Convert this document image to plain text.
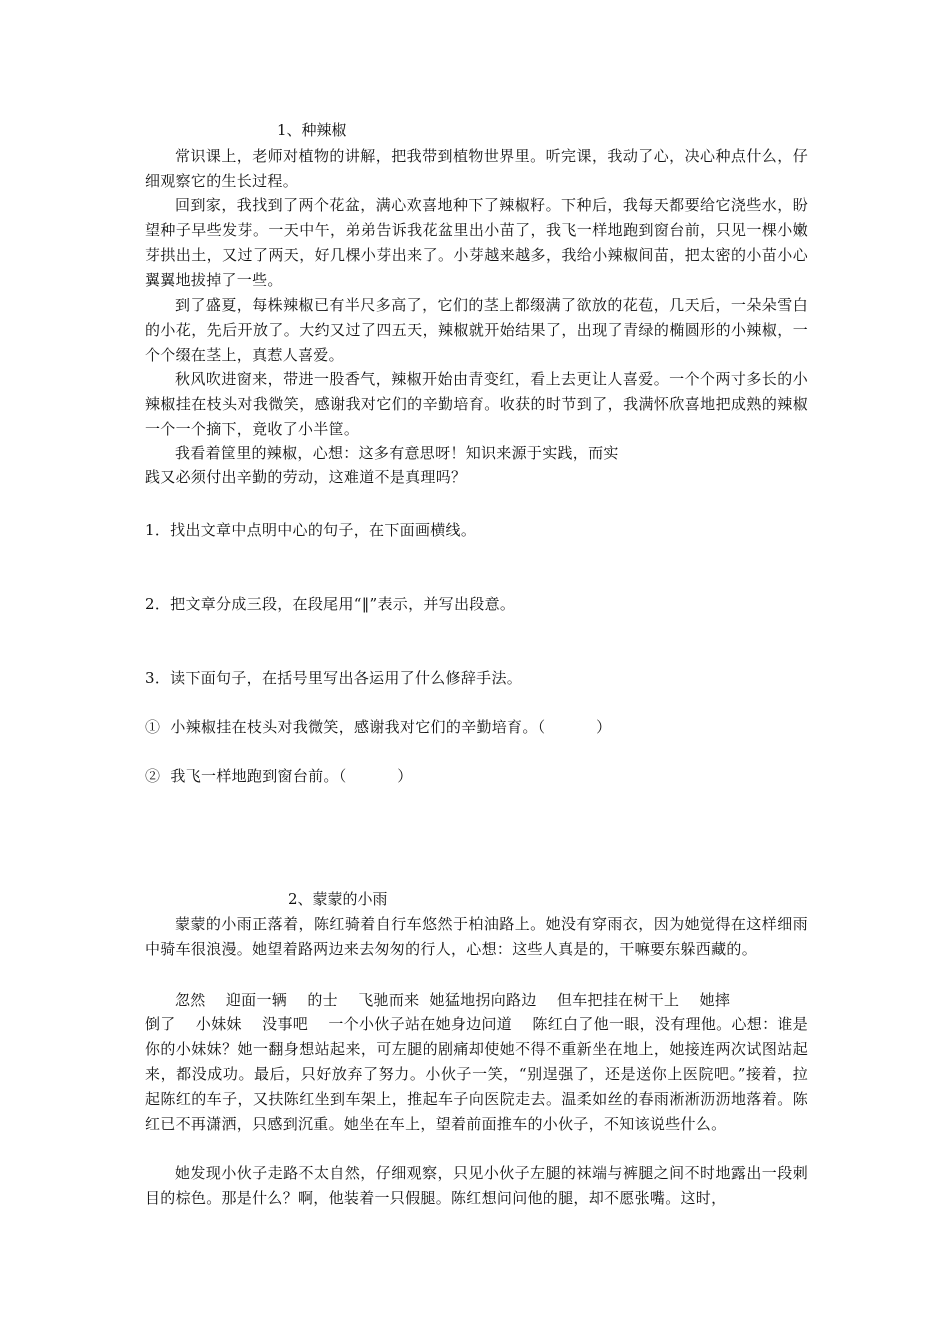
1、种辣椒
常识课上，老师对植物的讲解，把我带到植物世界里。听完课，我动了心，决心种点什么，仔细观察它的生长过程。
回到家，我找到了两个花盆，满心欢喜地种下了辣椒籽。下种后，我每天都要给它浇些水，盼望种子早些发芽。一天中午，弟弟告诉我花盆里出小苗了，我飞一样地跑到窗台前，只见一棵小嫩芽拱出土，又过了两天，好几棵小芽出来了。小芽越来越多，我给小辣椒间苗，把太密的小苗小心翼翼地拔掉了一些。
到了盛夏，每株辣椒已有半尺多高了，它们的茎上都缀满了欲放的花苞，几天后，一朵朵雪白的小花，先后开放了。大约又过了四五天，辣椒就开始结果了，出现了青绿的椭圆形的小辣椒，一个个缀在茎上，真惹人喜爱。
秋风吹进窗来，带进一股香气，辣椒开始由青变红，看上去更让人喜爱。一个个两寸多长的小辣椒挂在枝头对我微笑，感谢我对它们的辛勤培育。收获的时节到了，我满怀欣喜地把成熟的辣椒一个一个摘下，竟收了小半筐。
我看着筐里的辣椒，心想：这多有意思呀！知识来源于实践，而实
践又必须付出辛勤的劳动，这难道不是真理吗？
1．找出文章中点明中心的句子，在下面画横线。
2．把文章分成三段，在段尾用“‖”表示，并写出段意。
3．读下面句子，在括号里写出各运用了什么修辞手法。
①  小辣椒挂在枝头对我微笑，感谢我对它们的辛勤培育。（          ）
②  我飞一样地跑到窗台前。（          ）
2、蒙蒙的小雨
蒙蒙的小雨正落着，陈红骑着自行车悠然于柏油路上。她没有穿雨衣，因为她觉得在这样细雨中骑车很浪漫。她望着路两边来去匆匆的行人，心想：这些人真是的，干嘛要东躲西藏的。
忽然    迎面一辆    的士    飞驰而来  她猛地拐向路边    但车把挂在树干上    她摔
倒了    小妹妹    没事吧    一个小伙子站在她身边问道    陈红白了他一眼，没有理他。心想：谁是你的小妹妹？她一翻身想站起来，可左腿的剧痛却使她不得不重新坐在地上，她接连两次试图站起来，都没成功。最后，只好放弃了努力。小伙子一笑，“别逞强了，还是送你上医院吧。”接着，拉起陈红的车子，又扶陈红坐到车架上，推起车子向医院走去。温柔如丝的春雨淅淅沥沥地落着。陈红已不再潇洒，只感到沉重。她坐在车上，望着前面推车的小伙子，不知该说些什么。
她发现小伙子走路不太自然，仔细观察，只见小伙子左腿的袜端与裤腿之间不时地露出一段刺目的棕色。那是什么？啊，他装着一只假腿。陈红想问问他的腿，却不愿张嘴。这时，
